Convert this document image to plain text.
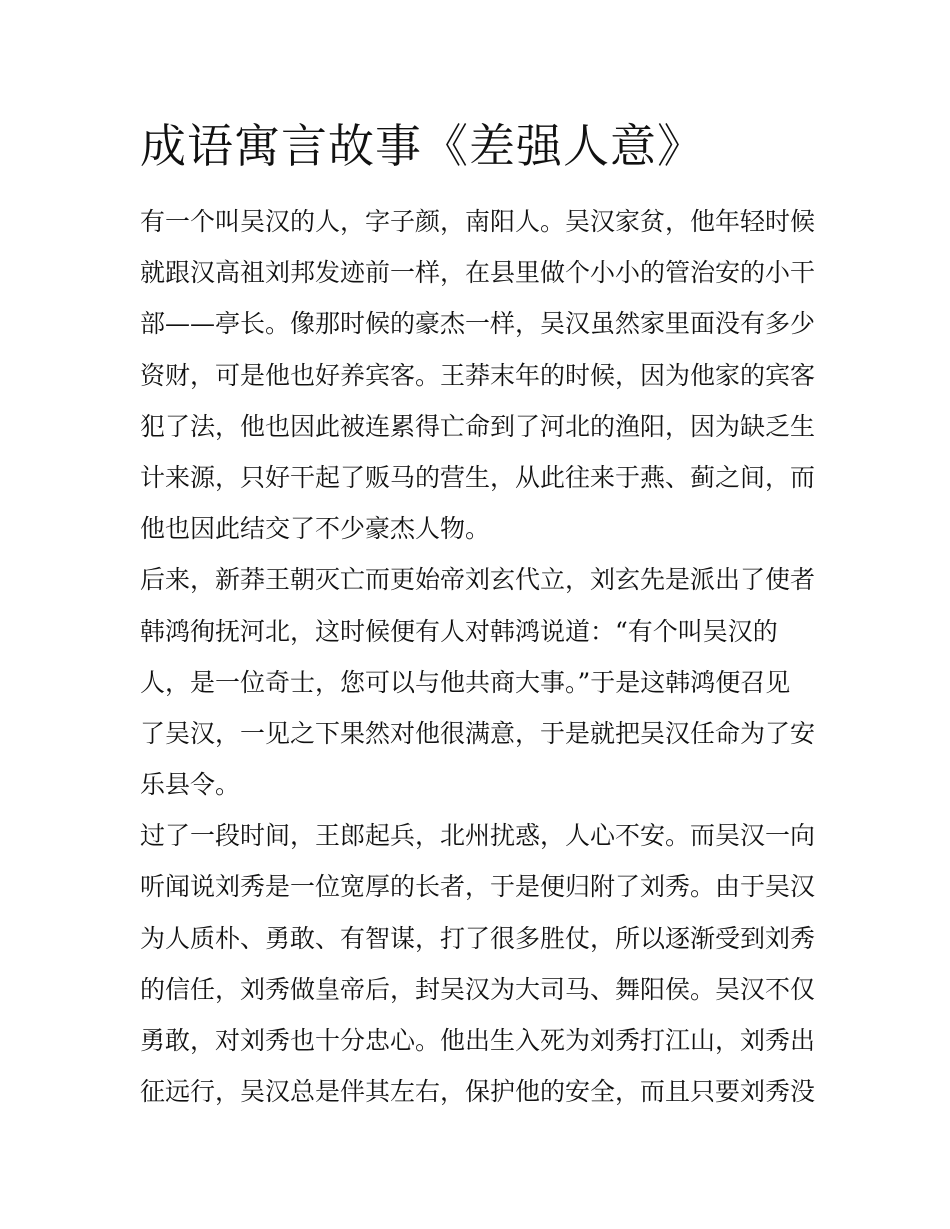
成语寓言故事《差强人意》
有一个叫吴汉的人，字子颜，南阳人。吴汉家贫，他年轻时候
就跟汉高祖刘邦发迹前一样，在县里做个小小的管治安的小干
部——亭长。像那时候的豪杰一样，吴汉虽然家里面没有多少
资财，可是他也好养宾客。王莽末年的时候，因为他家的宾客
犯了法，他也因此被连累得亡命到了河北的渔阳，因为缺乏生
计来源，只好干起了贩马的营生，从此往来于燕、蓟之间，而
他也因此结交了不少豪杰人物。
后来，新莽王朝灭亡而更始帝刘玄代立，刘玄先是派出了使者
韩鸿徇抚河北，这时候便有人对韩鸿说道：“有个叫吴汉的
人，是一位奇士，您可以与他共商大事。”于是这韩鸿便召见
了吴汉，一见之下果然对他很满意，于是就把吴汉任命为了安
乐县令。
过了一段时间，王郎起兵，北州扰惑，人心不安。而吴汉一向
听闻说刘秀是一位宽厚的长者，于是便归附了刘秀。由于吴汉
为人质朴、勇敢、有智谋，打了很多胜仗，所以逐渐受到刘秀
的信任，刘秀做皇帝后，封吴汉为大司马、舞阳侯。吴汉不仅
勇敢，对刘秀也十分忠心。他出生入死为刘秀打江山，刘秀出
征远行，吴汉总是伴其左右，保护他的安全，而且只要刘秀没
